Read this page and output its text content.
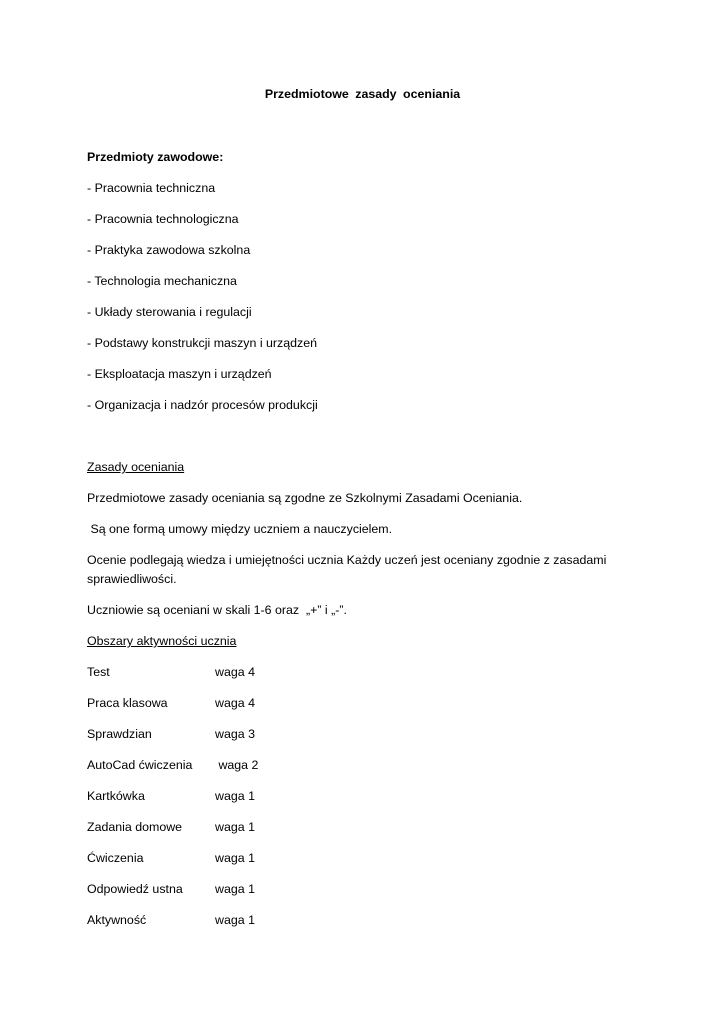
Przedmiotowe zasady oceniania
Przedmioty zawodowe:
- Pracownia techniczna
- Pracownia technologiczna
- Praktyka zawodowa szkolna
- Technologia mechaniczna
- Układy sterowania i regulacji
- Podstawy konstrukcji maszyn i urządzeń
- Eksploatacja maszyn i urządzeń
- Organizacja i nadzór procesów produkcji
Zasady oceniania
Przedmiotowe zasady oceniania są zgodne ze Szkolnymi Zasadami Oceniania.
Są one formą umowy między uczniem a nauczycielem.
Ocenie podlegają wiedza i umiejętności ucznia Każdy uczeń jest oceniany zgodnie z zasadami sprawiedliwości.
Uczniowie są oceniani w skali 1-6 oraz  „+” i „-”.
Obszary aktywności ucznia
Test	waga 4
Praca klasowa	waga 4
Sprawdzian	waga 3
AutoCad ćwiczenia waga 2
Kartkówka	waga 1
Zadania domowe	waga 1
Ćwiczenia	waga 1
Odpowiedź ustna	waga 1
Aktywność	waga 1
